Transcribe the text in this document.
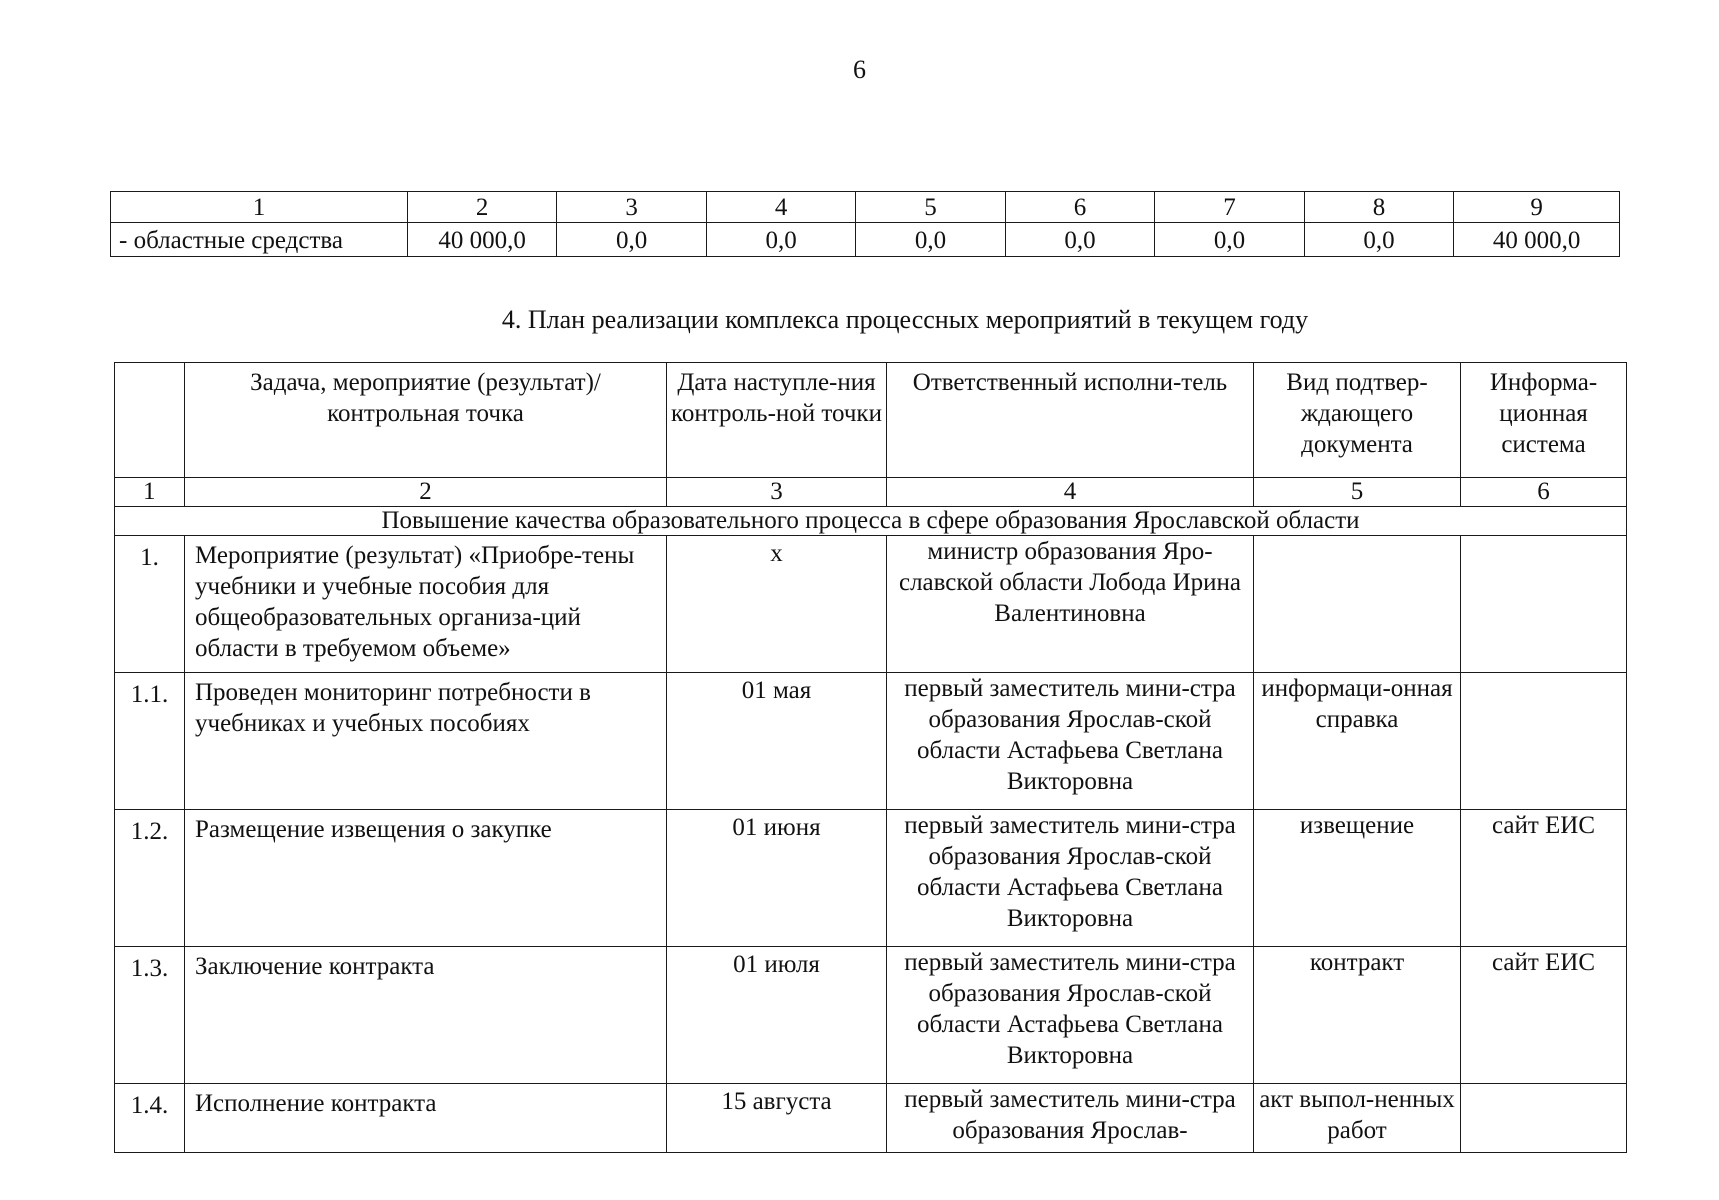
6
1	2	3	4	5	6	7	8	9
- областные средства	40 000,0	0,0	0,0	0,0	0,0	0,0	0,0	40 000,0
4. План реализации комплекса процессных мероприятий в текущем году
	Задача, мероприятие (результат)/ контрольная точка	Дата наступле-ния контроль-ной точки	Ответственный исполни-тель	Вид подтвер-ждающего документа	Информа-ционная система
1	2	3	4	5	6
Повышение качества образовательного процесса в сфере образования Ярославской области					
1.	Мероприятие (результат) «Приобре-тены учебники и учебные пособия для общеобразовательных организа-ций области в требуемом объеме»	х	министр образования Яро-славской области Лобода Ирина Валентиновна		
1.1.	Проведен мониторинг потребности в учебниках и учебных пособиях	01 мая	первый заместитель мини-стра образования Ярослав-ской области Астафьева Светлана Викторовна	информаци-онная справка	
1.2.	Размещение извещения о закупке	01 июня	первый заместитель мини-стра образования Ярослав-ской области Астафьева Светлана Викторовна	извещение	сайт ЕИС
1.3.	Заключение контракта	01 июля	первый заместитель мини-стра образования Ярослав-ской области Астафьева Светлана Викторовна	контракт	сайт ЕИС
1.4.	Исполнение контракта	15 августа	первый заместитель мини-стра образования Ярослав-	акт выпол-ненных работ	
